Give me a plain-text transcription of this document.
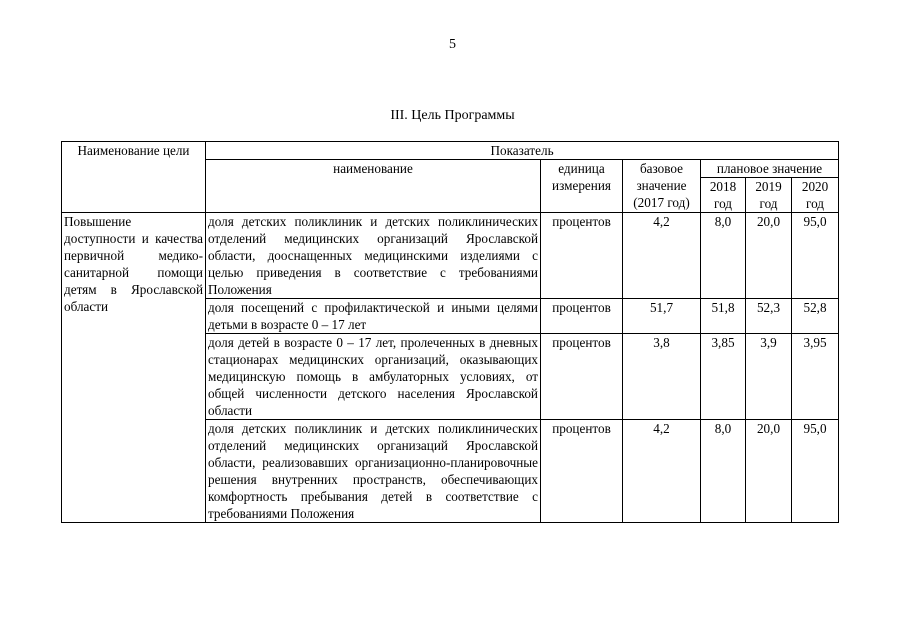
5
III. Цель Программы
Наименование цели	Показатель					
	наименование	единица измерения	базовое значение (2017 год)	плановое значение		
				2018 год	2019 год	2020 год
Повышение доступности и качества первичной медико-санитарной помощи детям в Ярославской области	доля детских поликлиник и детских поликлинических отделений медицинских организаций Ярославской области, дооснащенных медицинскими изделиями с целью приведения в соответствие с требованиями Положения	процентов	4,2	8,0	20,0	95,0
	доля посещений с профилактической и иными целями детьми в возрасте 0 – 17 лет	процентов	51,7	51,8	52,3	52,8
	доля детей в возрасте 0 – 17 лет, пролеченных в дневных стационарах медицинских организаций, оказывающих медицинскую помощь в амбулаторных условиях, от общей численности детского населения Ярославской области	процентов	3,8	3,85	3,9	3,95
	доля детских поликлиник и детских поликлинических отделений медицинских организаций Ярославской области, реализовавших организационно-планировочные решения внутренних пространств, обеспечивающих комфортность пребывания детей в соответствие с требованиями Положения	процентов	4,2	8,0	20,0	95,0
